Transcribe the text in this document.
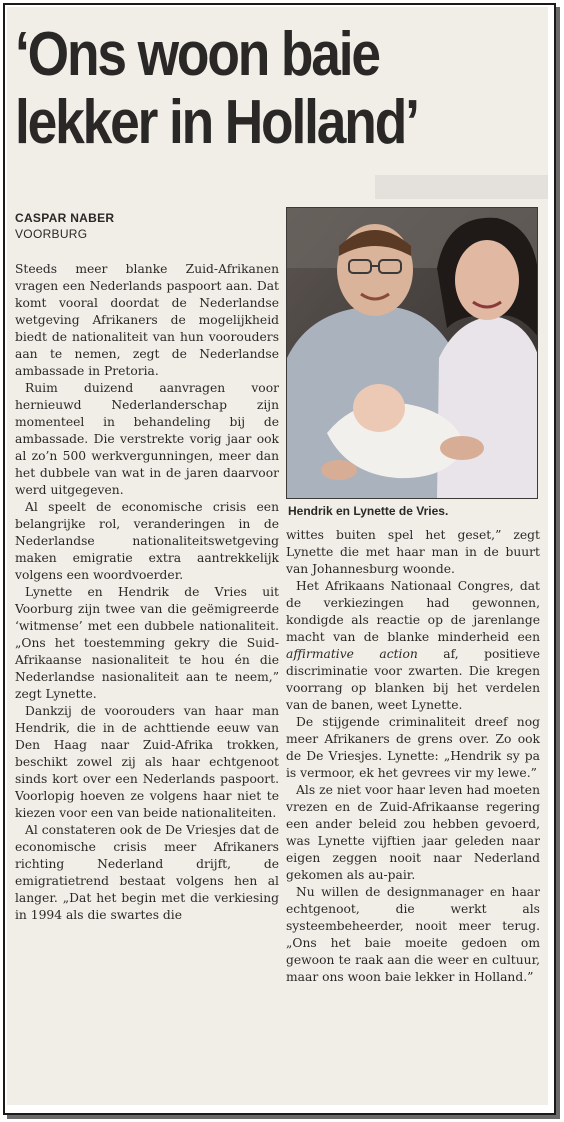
‘Ons woon baie
lekker in Holland’
CASPAR NABER
VOORBURG

Steeds meer blanke Zuid-Afrikanen vragen een Nederlands paspoort aan. Dat komt vooral doordat de Nederlandse wetgeving Afrikaners de mogelijkheid biedt de nationaliteit van hun voorouders aan te nemen, zegt de Nederlandse ambassade in Pretoria.

Ruim duizend aanvragen voor hernieuwd Nederlanderschap zijn momenteel in behandeling bij de ambassade. Die verstrekte vorig jaar ook al zo’n 500 werkvergunningen, meer dan het dubbele van wat in de jaren daarvoor werd uitgegeven.

Al speelt de economische crisis een belangrijke rol, veranderingen in de Nederlandse nationaliteitswetgeving maken emigratie extra aantrekkelijk volgens een woordvoerder.

Lynette en Hendrik de Vries uit Voorburg zijn twee van die geëmigreerde ‘witmense’ met een dubbele nationaliteit. „Ons het toestemming gekry die Suid-Afrikaanse nasionaliteit te hou én die Nederlandse nasionaliteit aan te neem,” zegt Lynette.

Dankzij de voorouders van haar man Hendrik, die in de achttiende eeuw van Den Haag naar Zuid-Afrika trokken, beschikt zowel zij als haar echtgenoot sinds kort over een Nederlands paspoort. Voorlopig hoeven ze volgens haar niet te kiezen voor een van beide nationaliteiten.

Al constateren ook de De Vriesjes dat de economische crisis meer Afrikaners richting Nederland drijft, de emigratietrend bestaat volgens hen al langer. „Dat het begin met die verkiesing in 1994 als die swartes die

Hendrik en Lynette de Vries.

wittes buiten spel het geset,” zegt Lynette die met haar man in de buurt van Johannesburg woonde.

Het Afrikaans Nationaal Congres, dat de verkiezingen had gewonnen, kondigde als reactie op de jarenlange macht van de blanke minderheid een affirmative action af, positieve discriminatie voor zwarten. Die kregen voorrang op blanken bij het verdelen van de banen, weet Lynette.

De stijgende criminaliteit dreef nog meer Afrikaners de grens over. Zo ook de De Vriesjes. Lynette: „Hendrik sy pa is vermoor, ek het gevrees vir my lewe.”

Als ze niet voor haar leven had moeten vrezen en de Zuid-Afrikaanse regering een ander beleid zou hebben gevoerd, was Lynette vijftien jaar geleden naar eigen zeggen nooit naar Nederland gekomen als au-pair.

Nu willen de designmanager en haar echtgenoot, die werkt als systeembeheerder, nooit meer terug. „Ons het baie moeite gedoen om gewoon te raak aan die weer en cultuur, maar ons woon baie lekker in Holland.”
